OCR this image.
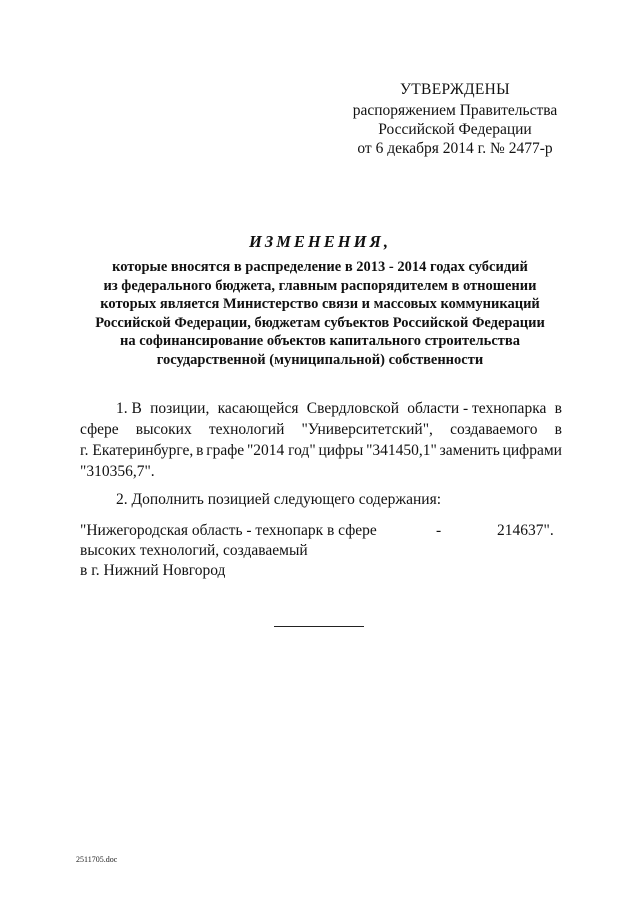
УТВЕРЖДЕНЫ
распоряжением Правительства
Российской Федерации
от 6 декабря 2014 г. № 2477-р
ИЗМЕНЕНИЯ,
которые вносятся в распределение в 2013 - 2014 годах субсидий
из федерального бюджета, главным распорядителем в отношении
которых является Министерство связи и массовых коммуникаций
Российской Федерации, бюджетам субъектов Российской Федерации
на софинансирование объектов капитального строительства
государственной (муниципальной) собственности
1. В позиции, касающейся Свердловской области - технопарка в
сфере высоких технологий "Университетский", создаваемого в
г. Екатеринбурге, в графе "2014 год" цифры "341450,1" заменить цифрами
"310356,7".
2. Дополнить позицией следующего содержания:
"Нижегородская область - технопарк в сфере
высоких технологий, создаваемый
в г. Нижний Новгород
-	214637".
2511705.doc
